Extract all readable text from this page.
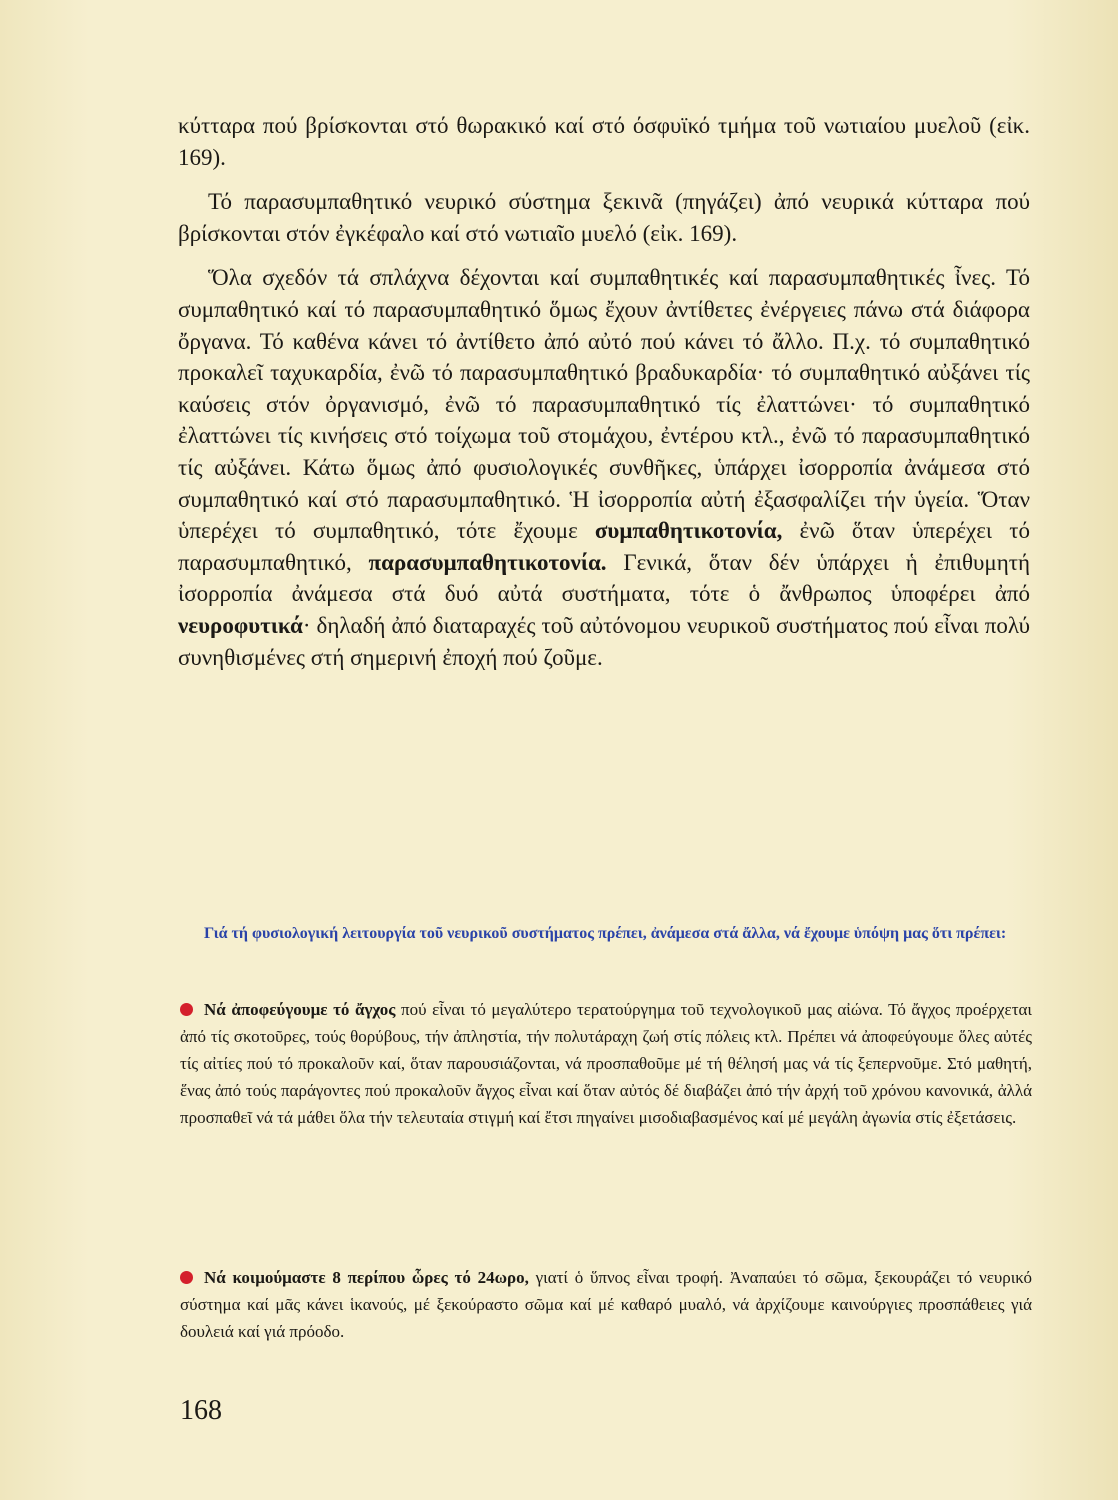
κύτταρα πού βρίσκονται στό θωρακικό καί στό όσφυϊκό τμήμα τοῦ νωτιαίου μυελοῦ (εἰκ. 169).

Τό παρασυμπαθητικό νευρικό σύστημα ξεκινᾶ (πηγάζει) ἀπό νευρικά κύτταρα πού βρίσκονται στόν ἐγκέφαλο καί στό νωτιαῖο μυελό (εἰκ. 169).

Ὅλα σχεδόν τά σπλάχνα δέχονται καί συμπαθητικές καί παρασυμπαθητικές ἶνες. Τό συμπαθητικό καί τό παρασυμπαθητικό ὅμως ἔχουν ἀντίθετες ἐνέργειες πάνω στά διάφορα ὄργανα. Τό καθένα κάνει τό ἀντίθετο ἀπό αὐτό πού κάνει τό ἄλλο. Π.χ. τό συμπαθητικό προκαλεῖ ταχυκαρδία, ἐνῶ τό παρασυμπαθητικό βραδυκαρδία· τό συμπαθητικό αὐξάνει τίς καύσεις στόν ὀργανισμό, ἐνῶ τό παρασυμπαθητικό τίς ἐλαττώνει· τό συμπαθητικό ἐλαττώνει τίς κινήσεις στό τοίχωμα τοῦ στομάχου, ἐντέρου κτλ., ἐνῶ τό παρασυμπαθητικό τίς αὐξάνει. Κάτω ὅμως ἀπό φυσιολογικές συνθῆκες, ὑπάρχει ἰσορροπία ἀνάμεσα στό συμπαθητικό καί στό παρασυμπαθητικό. Ἡ ἰσορροπία αὐτή ἐξασφαλίζει τήν ὑγεία. Ὅταν ὑπερέχει τό συμπαθητικό, τότε ἔχουμε συμπαθητικοτονία, ἐνῶ ὅταν ὑπερέχει τό παρασυμπαθητικό, παρασυμπαθητικοτονία. Γενικά, ὅταν δέν ὑπάρχει ἡ ἐπιθυμητή ἰσορροπία ἀνάμεσα στά δυό αὐτά συστήματα, τότε ὁ ἄνθρωπος ὑποφέρει ἀπό νευροφυτικά· δηλαδή ἀπό διαταραχές τοῦ αὐτόνομου νευρικοῦ συστήματος πού εἶναι πολύ συνηθισμένες στή σημερινή ἐποχή πού ζοῦμε.

Γιά τή φυσιολογική λειτουργία τοῦ νευρικοῦ συστήματος πρέπει, ἀνάμεσα στά ἄλλα, νά ἔχουμε ὑπόψη μας ὅτι πρέπει:
Νά ἀποφεύγουμε τό ἄγχος πού εἶναι τό μεγαλύτερο τερατούργημα τοῦ τεχνολογικοῦ μας αἰώνα. Τό ἄγχος προέρχεται ἀπό τίς σκοτοῦρες, τούς θορύβους, τήν ἀπληστία, τήν πολυτάραχη ζωή στίς πόλεις κτλ. Πρέπει νά ἀποφεύγουμε ὅλες αὐτές τίς αἰτίες πού τό προκαλοῦν καί, ὅταν παρουσιάζονται, νά προσπαθοῦμε μέ τή θέλησή μας νά τίς ξεπερνοῦμε. Στό μαθητή, ἕνας ἀπό τούς παράγοντες πού προκαλοῦν ἄγχος εἶναι καί ὅταν αὐτός δέ διαβάζει ἀπό τήν ἀρχή τοῦ χρόνου κανονικά, ἀλλά προσπαθεῖ νά τά μάθει ὅλα τήν τελευταία στιγμή καί ἔτσι πηγαίνει μισοδιαβασμένος καί μέ μεγάλη ἀγωνία στίς ἐξετάσεις.
Νά κοιμούμαστε 8 περίπου ὧρες τό 24ωρο, γιατί ὁ ὕπνος εἶναι τροφή. Ἀναπαύει τό σῶμα, ξεκουράζει τό νευρικό σύστημα καί μᾶς κάνει ἱκανούς, μέ ξεκούραστο σῶμα καί μέ καθαρό μυαλό, νά ἀρχίζουμε καινούργιες προσπάθειες γιά δουλειά καί γιά πρόοδο.
168
